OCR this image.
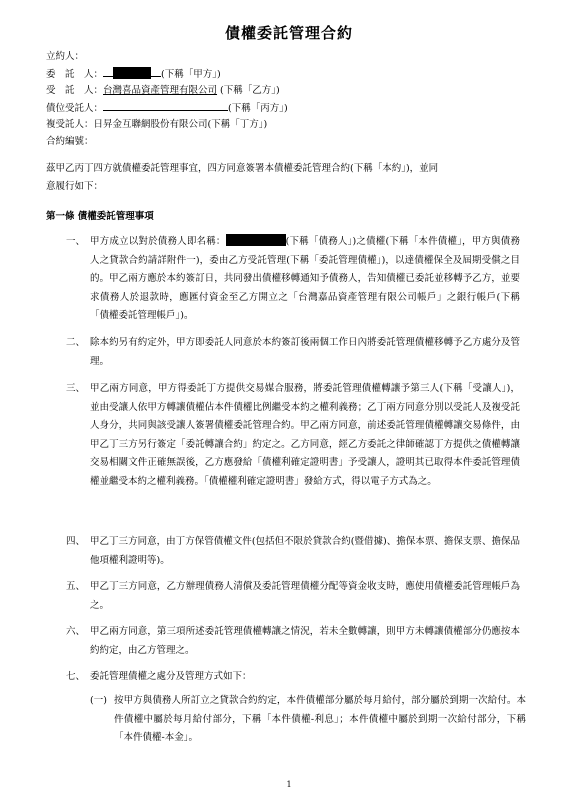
債權委託管理合約
立約人：
委　託　人：	(下稱「甲方」)
受　託　人：台灣喜品資產管理有限公司 (下稱「乙方」)
債位受託人：	(下稱「丙方」)
複受託人：日昇金互聯網股份有限公司(下稱「丁方」)
合約編號：
茲甲乙丙丁四方就債權委託管理事宜，四方同意簽署本債權委託管理合約(下稱「本約」)，並同
意履行如下：
第一條 債權委託管理事項
一、 甲方成立以對於債務人即名稱：	(下稱「債務人」)之債權(下稱「本件債權」，甲方與債務人之貸款合約請詳附件一)，委由乙方受託管理(下稱「委託管理債權」)，以達債權保全及屆期受償之目的。甲乙兩方應於本約簽訂日，共同發出債權移轉通知予債務人，告知債權已委託並移轉予乙方，並要求債務人於退款時，應匯付資金至乙方開立之「台灣嘉品資產管理有限公司帳戶」之銀行帳戶(下稱「債權委託管理帳戶」)。
二、 除本約另有約定外，甲方即委託人同意於本約簽訂後兩個工作日內將委託管理債權移轉予乙方處分及管理。
三、 甲乙兩方同意，甲方得委託丁方提供交易媒合服務，將委託管理債權轉讓予第三人(下稱「受讓人」)，並由受讓人依甲方轉讓債權佔本件債權比例繼受本約之權利義務；乙丁兩方同意分別以受託人及複受託人身分，共同與該受讓人簽署債權委託管理合約。甲乙兩方同意，前述委託管理債權轉讓交易條件，由甲乙丁三方另行簽定「委託轉讓合約」約定之。乙方同意，經乙方委託之律師確認丁方提供之債權轉讓交易相關文件正確無誤後，乙方應發給「債權利確定證明書」予受讓人，證明其已取得本件委託管理債權並繼受本約之權利義務。「債權權利確定證明書」發給方式，得以電子方式為之。
四、 甲乙丁三方同意，由丁方保管債權文件(包括但不限於貸款合約(暨借據)、擔保本票、擔保支票、擔保品他項權利證明等)。
五、 甲乙丁三方同意，乙方辦理債務人清償及委託管理債權分配等資金收支時，應使用債權委託管理帳戶為之。
六、 甲乙兩方同意，第三項所述委託管理債權轉讓之情況，若未全數轉讓，則甲方未轉讓債權部分仍應按本約約定，由乙方管理之。
七、 委託管理債權之處分及管理方式如下：
(一) 按甲方與債務人所訂立之貸款合約約定，本件債權部分屬於每月給付，部分屬於到期一次給付。本件債權中屬於每月給付部分，下稱「本件債權-利息」；本件債權中屬於到期一次給付部分，下稱「本件債權-本金」。
1
